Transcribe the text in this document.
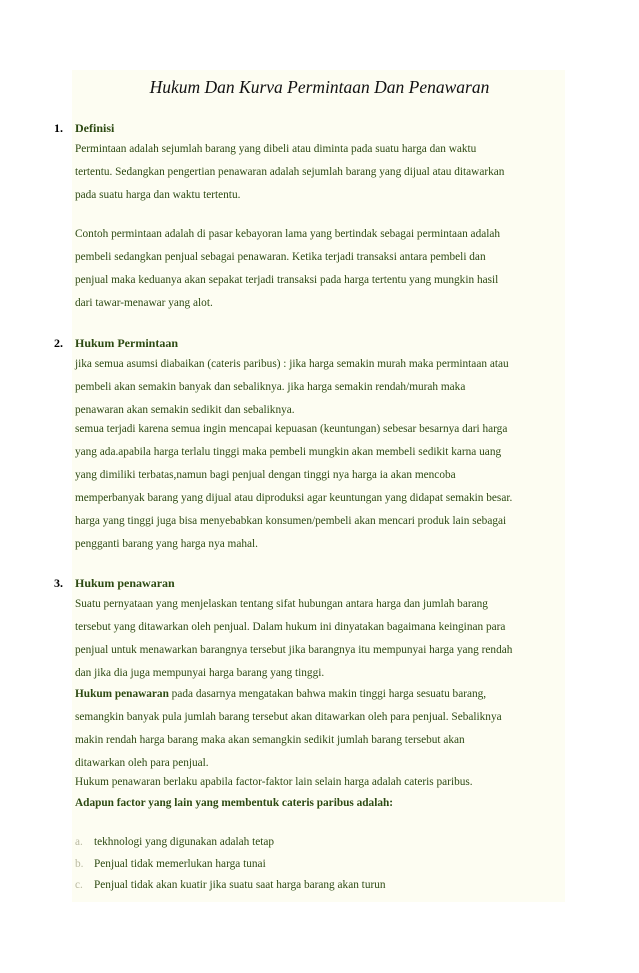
Hukum Dan Kurva Permintaan Dan Penawaran
1. Definisi
Permintaan adalah sejumlah barang yang dibeli atau diminta pada suatu harga dan waktu
tertentu. Sedangkan pengertian penawaran adalah sejumlah barang yang dijual atau ditawarkan
pada suatu harga dan waktu tertentu.
Contoh permintaan adalah di pasar kebayoran lama yang bertindak sebagai permintaan adalah
pembeli sedangkan penjual sebagai penawaran. Ketika terjadi transaksi antara pembeli dan
penjual maka keduanya akan sepakat terjadi transaksi pada harga tertentu yang mungkin hasil
dari tawar-menawar yang alot.
2. Hukum Permintaan
jika semua asumsi diabaikan (cateris paribus) : jika harga semakin murah maka permintaan atau
pembeli akan semakin banyak dan sebaliknya. jika harga semakin rendah/murah maka
penawaran akan semakin sedikit dan sebaliknya.
semua terjadi karena semua ingin mencapai kepuasan (keuntungan) sebesar besarnya dari harga
yang ada.apabila harga terlalu tinggi maka pembeli mungkin akan membeli sedikit karna uang
yang dimiliki terbatas,namun bagi penjual dengan tinggi nya harga ia akan mencoba
memperbanyak barang yang dijual atau diproduksi agar keuntungan yang didapat semakin besar.
harga yang tinggi juga bisa menyebabkan konsumen/pembeli akan mencari produk lain sebagai
pengganti barang yang harga nya mahal.
3. Hukum penawaran
Suatu pernyataan yang menjelaskan tentang sifat hubungan antara harga dan jumlah barang
tersebut yang ditawarkan oleh penjual. Dalam hukum ini dinyatakan bagaimana keinginan para
penjual untuk menawarkan barangnya tersebut jika barangnya itu mempunyai harga yang rendah
dan jika dia juga mempunyai harga barang yang tinggi.
Hukum penawaran pada dasarnya mengatakan bahwa makin tinggi harga sesuatu barang,
semangkin banyak pula jumlah barang tersebut akan ditawarkan oleh para penjual. Sebaliknya
makin rendah harga barang maka akan semangkin sedikit jumlah barang tersebut akan
ditawarkan oleh para penjual.
Hukum penawaran berlaku apabila factor-faktor lain selain harga adalah cateris paribus.
Adapun factor yang lain yang membentuk cateris paribus adalah:
a. tekhnologi yang digunakan adalah tetap
b. Penjual tidak memerlukan harga tunai
c. Penjual tidak akan kuatir jika suatu saat harga barang akan turun
